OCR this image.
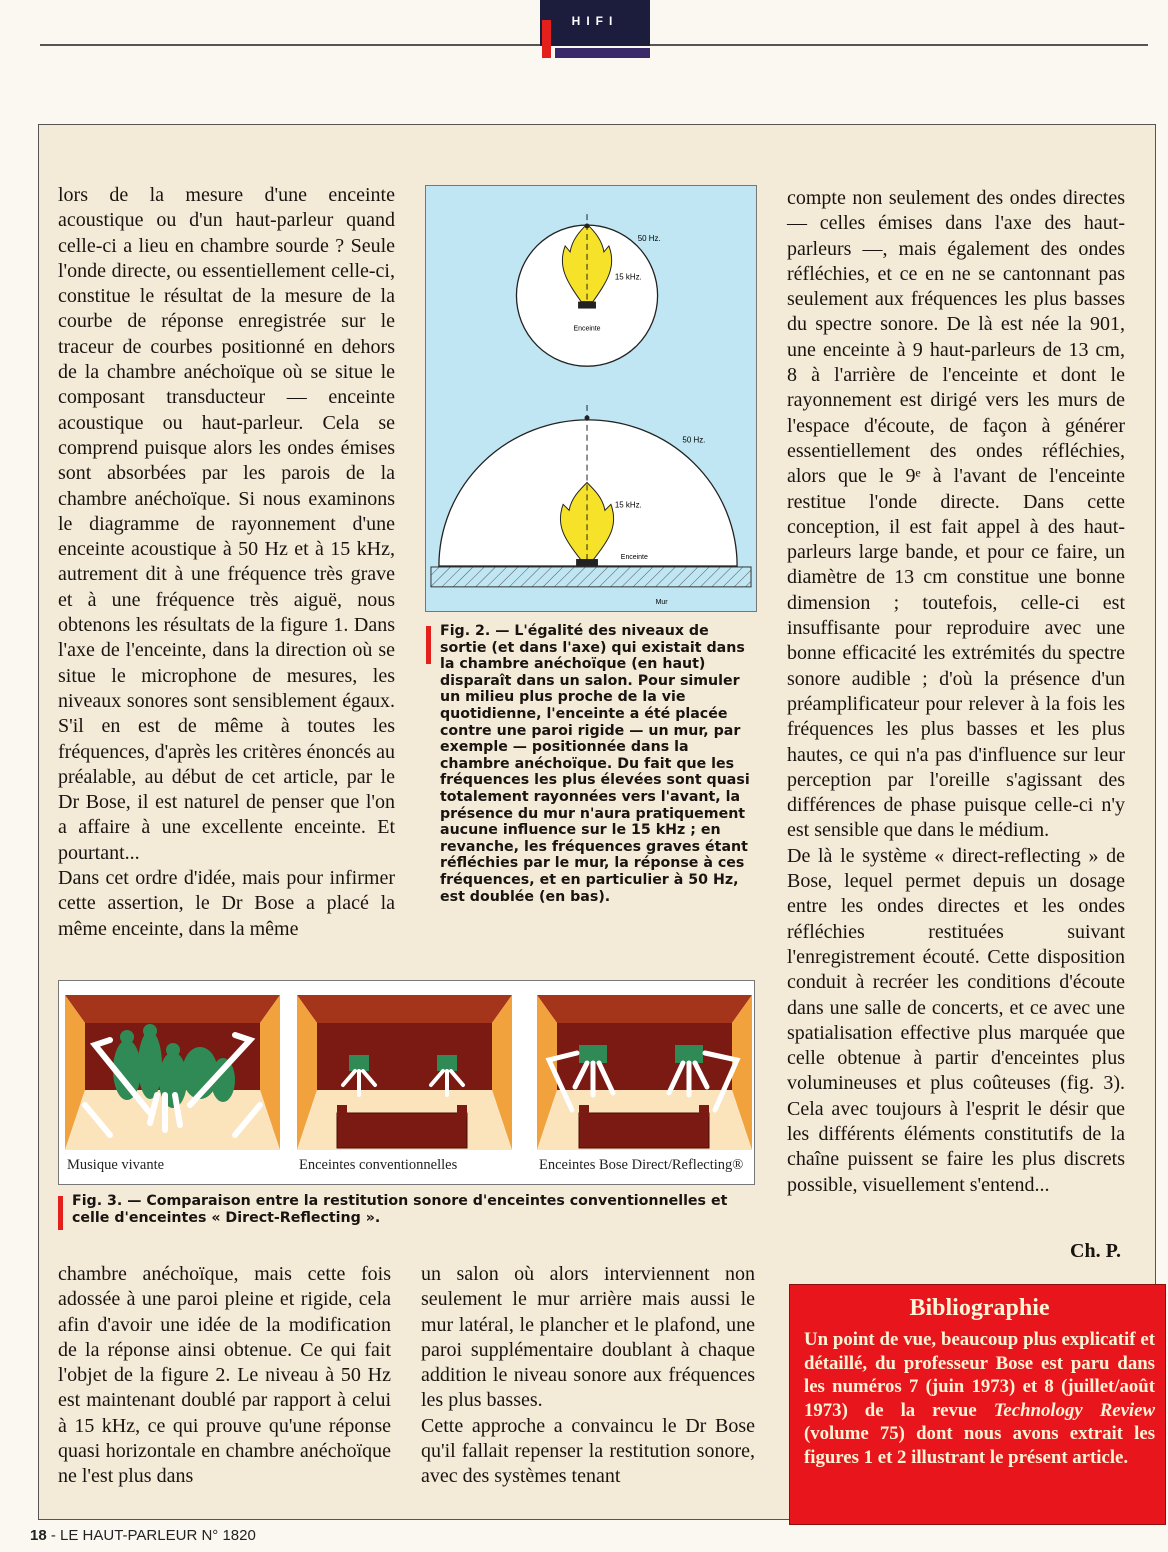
HIFI

lors de la mesure d'une enceinte acoustique ou d'un haut-parleur quand celle-ci a lieu en chambre sourde ? Seule l'onde directe, ou essentiellement celle-ci, constitue le résultat de la mesure de la courbe de réponse enregistrée sur le traceur de courbes positionné en dehors de la chambre anéchoïque où se situe le composant transducteur — enceinte acoustique ou haut-parleur. Cela se comprend puisque alors les ondes émises sont absorbées par les parois de la chambre anéchoïque. Si nous examinons le diagramme de rayonnement d'une enceinte acoustique à 50 Hz et à 15 kHz, autrement dit à une fréquence très grave et à une fréquence très aiguë, nous obtenons les résultats de la figure 1. Dans l'axe de l'enceinte, dans la direction où se situe le microphone de mesures, les niveaux sonores sont sensiblement égaux. S'il en est de même à toutes les fréquences, d'après les critères énoncés au préalable, au début de cet article, par le Dr Bose, il est naturel de penser que l'on a affaire à une excellente enceinte. Et pourtant...

Dans cet ordre d'idée, mais pour infirmer cette assertion, le Dr Bose a placé la même enceinte, dans la même

50 Hz.
15 kHz.
Enceinte
50 Hz.
15 kHz.
Enceinte
Mur
Fig. 2. — L'égalité des niveaux de sortie (et dans l'axe) qui existait dans la chambre anéchoïque (en haut) disparaît dans un salon. Pour simuler un milieu plus proche de la vie quotidienne, l'enceinte a été placée contre une paroi rigide — un mur, par exemple — positionnée dans la chambre anéchoïque. Du fait que les fréquences les plus élevées sont quasi totalement rayonnées vers l'avant, la présence du mur n'aura pratiquement aucune influence sur le 15 kHz ; en revanche, les fréquences graves étant réfléchies par le mur, la réponse à ces fréquences, et en particulier à 50 Hz, est doublée (en bas).

compte non seulement des ondes directes — celles émises dans l'axe des haut-parleurs —, mais également des ondes réfléchies, et ce en ne se cantonnant pas seulement aux fréquences les plus basses du spectre sonore. De là est née la 901, une enceinte à 9 haut-parleurs de 13 cm, 8 à l'arrière de l'enceinte et dont le rayonnement est dirigé vers les murs de l'espace d'écoute, de façon à générer essentiellement des ondes réfléchies, alors que le 9ᵉ à l'avant de l'enceinte restitue l'onde directe. Dans cette conception, il est fait appel à des haut-parleurs large bande, et pour ce faire, un diamètre de 13 cm constitue une bonne dimension ; toutefois, celle-ci est insuffisante pour reproduire avec une bonne efficacité les extrémités du spectre sonore audible ; d'où la présence d'un préamplificateur pour relever à la fois les fréquences les plus basses et les plus hautes, ce qui n'a pas d'influence sur leur perception par l'oreille s'agissant des différences de phase puisque celle-ci n'y est sensible que dans le médium.

De là le système « direct-reflecting » de Bose, lequel permet depuis un dosage entre les ondes directes et les ondes réfléchies restituées suivant l'enregistrement écouté. Cette disposition conduit à recréer les conditions d'écoute dans une salle de concerts, et ce avec une spatialisation effective plus marquée que celle obtenue à partir d'enceintes plus volumineuses et plus coûteuses (fig. 3). Cela avec toujours à l'esprit le désir que les différents éléments constitutifs de la chaîne puissent se faire les plus discrets possible, visuellement s'entend...

Ch. P.
Musique vivante	Enceintes conventionnelles	Enceintes Bose Direct/Reflecting®
Fig. 3. — Comparaison entre la restitution sonore d'enceintes conventionnelles et celle d'enceintes « Direct-Reflecting ».

chambre anéchoïque, mais cette fois adossée à une paroi pleine et rigide, cela afin d'avoir une idée de la modification de la réponse ainsi obtenue. Ce qui fait l'objet de la figure 2. Le niveau à 50 Hz est maintenant doublé par rapport à celui à 15 kHz, ce qui prouve qu'une réponse quasi horizontale en chambre anéchoïque ne l'est plus dans

un salon où alors interviennent non seulement le mur arrière mais aussi le mur latéral, le plancher et le plafond, une paroi supplémentaire doublant à chaque addition le niveau sonore aux fréquences les plus basses.

Cette approche a convaincu le Dr Bose qu'il fallait repenser la restitution sonore, avec des systèmes tenant

Bibliographie

Un point de vue, beaucoup plus explicatif et détaillé, du professeur Bose est paru dans les numéros 7 (juin 1973) et 8 (juillet/août 1973) de la revue Technology Review (volume 75) dont nous avons extrait les figures 1 et 2 illustrant le présent article.

18 - LE HAUT-PARLEUR N° 1820
